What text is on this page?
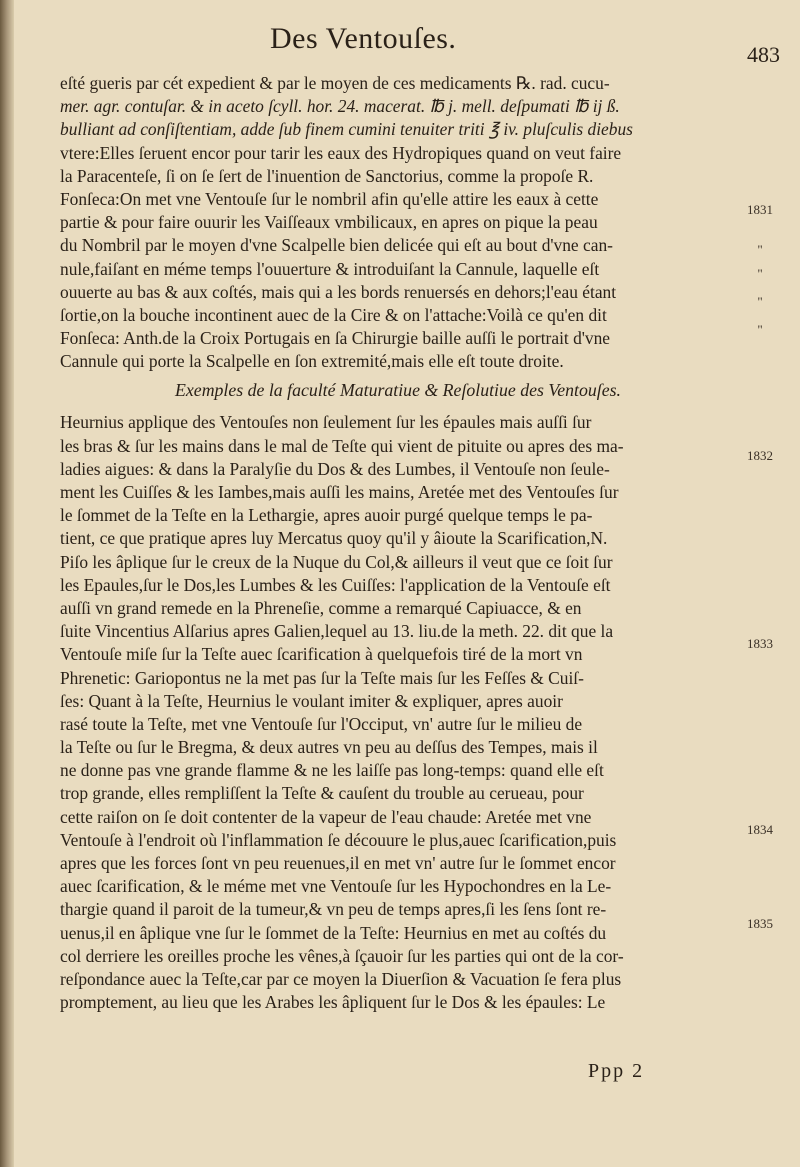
Des Ventouſes.	483
eſté gueris par cét expedient & par le moyen de ces medicaments ℞. rad. cucu-
mer. agr. contuſar. & in aceto ſcyll. hor. 24. macerat. ℔ j. mell. deſpumati ℔ ij ß.
bulliant ad conſiſtentiam, adde ſub finem cumini tenuiter triti ℥ iv. pluſculis diebus
vtere:Elles ſeruent encor pour tarir les eaux des Hydropiques quand on veut faire
la Paracenteſe, ſi on ſe ſert de l'inuention de Sanctorius, comme la propoſe R.
Fonſeca:On met vne Ventouſe ſur le nombril afin qu'elle attire les eaux à cette
partie & pour faire ouurir les Vaiſſeaux vmbilicaux, en apres on pique la peau
du Nombril par le moyen d'vne Scalpelle bien delicée qui eſt au bout d'vne can-
nule,faiſant en méme temps l'ouuerture & introduiſant la Cannule, laquelle eſt
ouuerte au bas & aux coſtés, mais qui a les bords renuersés en dehors;l'eau étant
ſortie,on la bouche incontinent auec de la Cire & on l'attache:Voilà ce qu'en dit
Fonſeca: Anth.de la Croix Portugais en ſa Chirurgie baille auſſi le portrait d'vne
Cannule qui porte la Scalpelle en ſon extremité,mais elle eſt toute droite.
Exemples de la faculté Maturatiue & Reſolutiue des Ventouſes.
Heurnius applique des Ventouſes non ſeulement ſur les épaules mais auſſi ſur
les bras & ſur les mains dans le mal de Teſte qui vient de pituite ou apres des ma-
ladies aigues: & dans la Paralyſie du Dos & des Lumbes, il Ventouſe non ſeule-
ment les Cuiſſes & les Iambes,mais auſſi les mains, Aretée met des Ventouſes ſur
le ſommet de la Teſte en la Lethargie, apres auoir purgé quelque temps le pa-
tient, ce que pratique apres luy Mercatus quoy qu'il y âioute la Scarification,N.
Piſo les âplique ſur le creux de la Nuque du Col,& ailleurs il veut que ce ſoit ſur
les Epaules,ſur le Dos,les Lumbes & les Cuiſſes: l'application de la Ventouſe eſt
auſſi vn grand remede en la Phreneſie, comme a remarqué Capiuacce, & en
ſuite Vincentius Alſarius apres Galien,lequel au 13. liu.de la meth. 22. dit que la
Ventouſe miſe ſur la Teſte auec ſcarification à quelquefois tiré de la mort vn
Phrenetic: Gariopontus ne la met pas ſur la Teſte mais ſur les Feſſes & Cuiſ-
ſes: Quant à la Teſte, Heurnius le voulant imiter & expliquer, apres auoir
rasé toute la Teſte, met vne Ventouſe ſur l'Occiput, vn' autre ſur le milieu de
la Teſte ou ſur le Bregma, & deux autres vn peu au deſſus des Tempes, mais il
ne donne pas vne grande flamme & ne les laiſſe pas long-temps: quand elle eſt
trop grande, elles rempliſſent la Teſte & cauſent du trouble au cerueau, pour
cette raiſon on ſe doit contenter de la vapeur de l'eau chaude: Aretée met vne
Ventouſe à l'endroit où l'inflammation ſe découure le plus,auec ſcarification,puis
apres que les forces ſont vn peu reuenues,il en met vn' autre ſur le ſommet encor
auec ſcarification, & le méme met vne Ventouſe ſur les Hypochondres en la Le-
thargie quand il paroit de la tumeur,& vn peu de temps apres,ſi les ſens ſont re-
uenus,il en âplique vne ſur le ſommet de la Teſte: Heurnius en met au coſtés du
col derriere les oreilles proche les vênes,à ſçauoir ſur les parties qui ont de la cor-
reſpondance auec la Teſte,car par ce moyen la Diuerſion & Vacuation ſe fera plus
promptement, au lieu que les Arabes les âpliquent ſur le Dos & les épaules: Le
1831
"
"
"
"
1832
1833
1834
1835
Ppp 2
